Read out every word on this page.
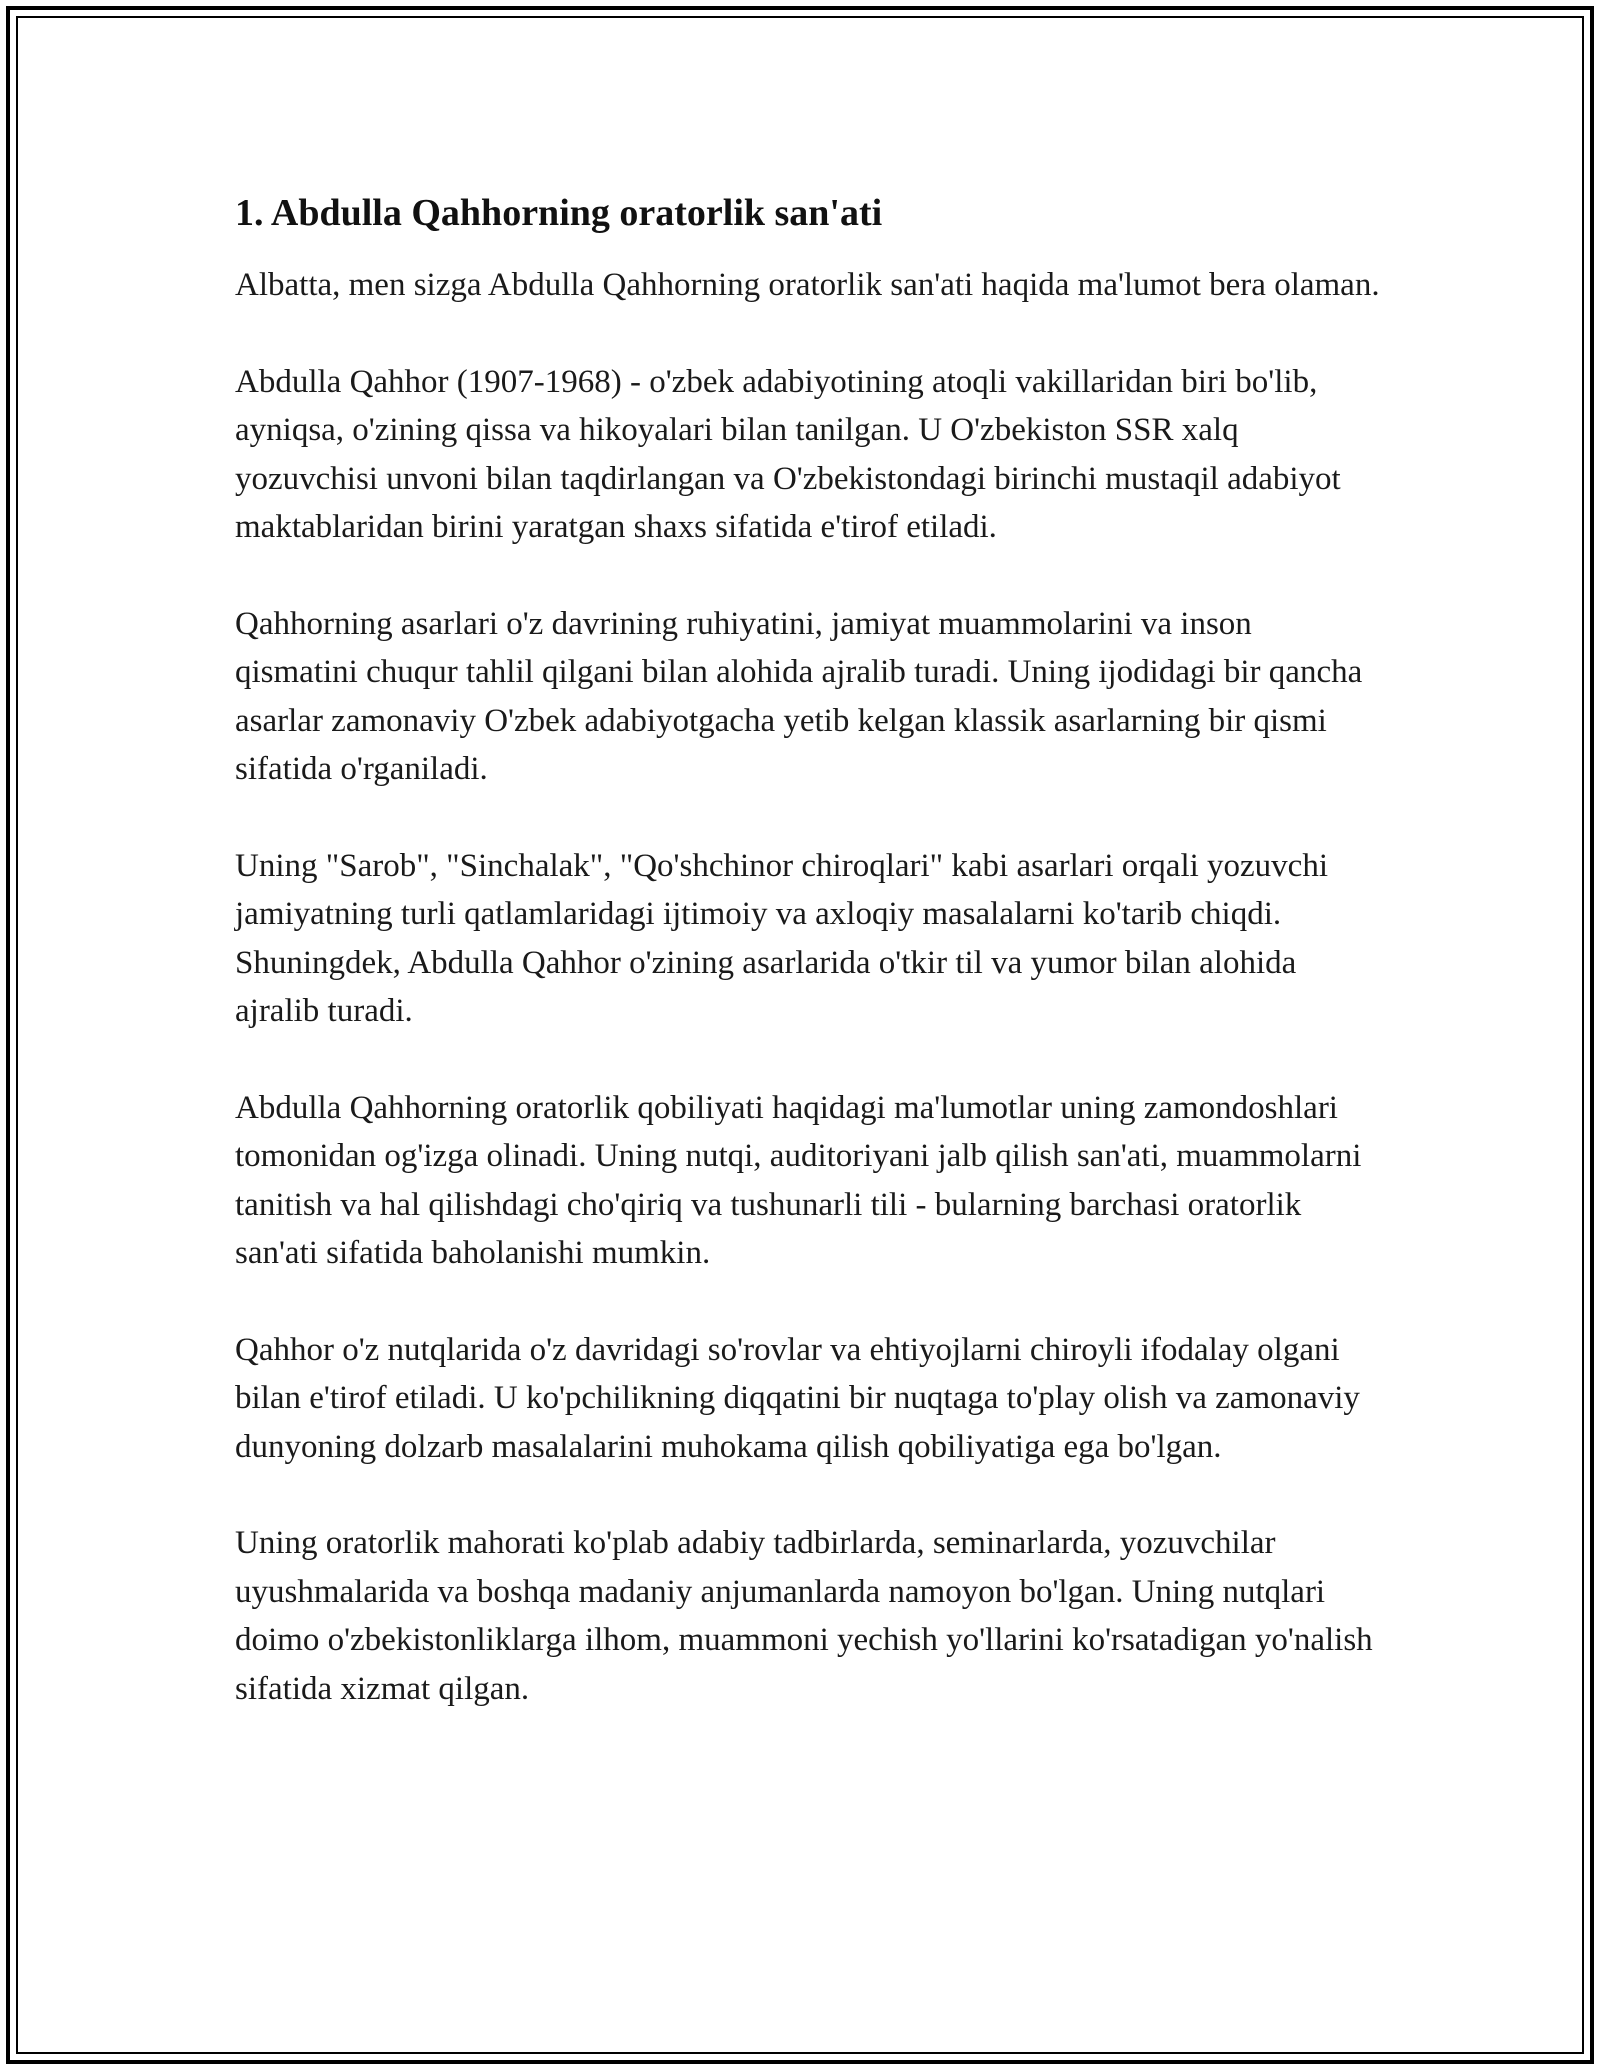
1. Abdulla Qahhorning oratorlik san'ati

Albatta, men sizga Abdulla Qahhorning oratorlik san'ati haqida ma'lumot bera olaman.

Abdulla Qahhor (1907-1968) - o'zbek adabiyotining atoqli vakillaridan biri bo'lib, ayniqsa, o'zining qissa va hikoyalari bilan tanilgan. U O'zbekiston SSR xalq yozuvchisi unvoni bilan taqdirlangan va O'zbekistondagi birinchi mustaqil adabiyot maktablaridan birini yaratgan shaxs sifatida e'tirof etiladi.

Qahhorning asarlari o'z davrining ruhiyatini, jamiyat muammolarini va inson qismatini chuqur tahlil qilgani bilan alohida ajralib turadi. Uning ijodidagi bir qancha asarlar zamonaviy O'zbek adabiyotgacha yetib kelgan klassik asarlarning bir qismi sifatida o'rganiladi.

Uning "Sarob", "Sinchalak", "Qo'shchinor chiroqlari" kabi asarlari orqali yozuvchi jamiyatning turli qatlamlaridagi ijtimoiy va axloqiy masalalarni ko'tarib chiqdi. Shuningdek, Abdulla Qahhor o'zining asarlarida o'tkir til va yumor bilan alohida ajralib turadi.

Abdulla Qahhorning oratorlik qobiliyati haqidagi ma'lumotlar uning zamondoshlari tomonidan og'izga olinadi. Uning nutqi, auditoriyani jalb qilish san'ati, muammolarni tanitish va hal qilishdagi cho'qiriq va tushunarli tili - bularning barchasi oratorlik san'ati sifatida baholanishi mumkin.

Qahhor o'z nutqlarida o'z davridagi so'rovlar va ehtiyojlarni chiroyli ifodalay olgani bilan e'tirof etiladi. U ko'pchilikning diqqatini bir nuqtaga to'play olish va zamonaviy dunyoning dolzarb masalalarini muhokama qilish qobiliyatiga ega bo'lgan.

Uning oratorlik mahorati ko'plab adabiy tadbirlarda, seminarlarda, yozuvchilar uyushmalarida va boshqa madaniy anjumanlarda namoyon bo'lgan. Uning nutqlari doimo o'zbekistonliklarga ilhom, muammoni yechish yo'llarini ko'rsatadigan yo'nalish sifatida xizmat qilgan.
